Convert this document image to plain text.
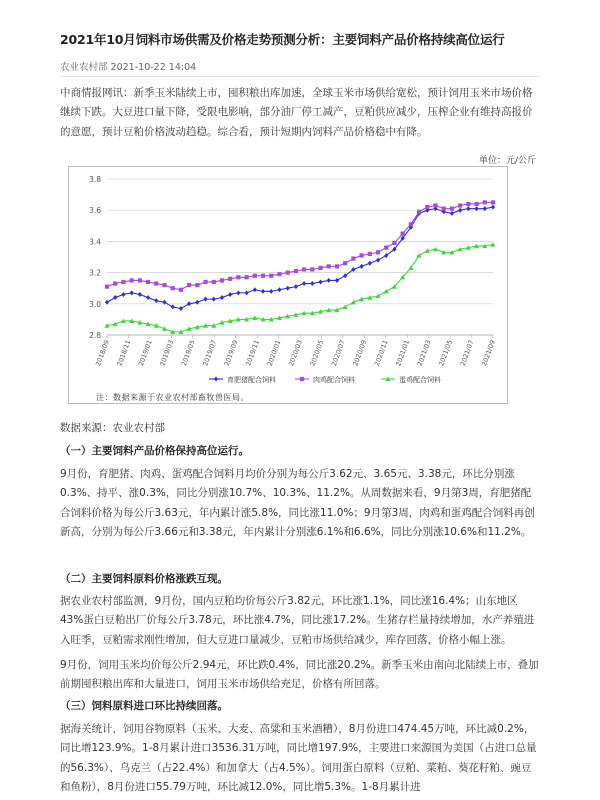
2021年10月饲料市场供需及价格走势预测分析：主要饲料产品价格持续高位运行
农业农村部 2021-10-22 14:04

中商情报网讯：新季玉米陆续上市，囤积粮出库加速，全球玉米市场供给宽松，预计饲用玉米市场价格继续下跌。大豆进口量下降，受限电影响，部分油厂停工减产，豆粕供应减少，压榨企业有维持高报价的意愿，预计豆粕价格波动趋稳。综合看，预计短期内饲料产品价格稳中有降。

单位：元/公斤
2.8
3.0
3.2
3.4
3.6
3.8
2018/09 2018/11 2019/01 2019/03 2019/05 2019/07 2019/09 2019/11 2020/01 2020/03 2020/05 2020/07 2020/09 2020/11 2021/01 2021/03 2021/05 2021/07 2021/09
育肥猪配合饲料	肉鸡配合饲料	蛋鸡配合饲料
注：数据来源于农业农村部畜牧兽医局。
数据来源：农业农村部
（一）主要饲料产品价格保持高位运行。

9月份，育肥猪、肉鸡、蛋鸡配合饲料月均价分别为每公斤3.62元、3.65元、3.38元，环比分别涨0.3%、持平、涨0.3%，同比分别涨10.7%、10.3%、11.2%。从周数据来看，9月第3周，育肥猪配合饲料价格为每公斤3.63元，年内累计涨5.8%，同比涨11.0%；9月第3周，肉鸡和蛋鸡配合饲料再创新高，分别为每公斤3.66元和3.38元，年内累计分别涨6.1%和6.6%，同比分别涨10.6%和11.2%。

（二）主要饲料原料价格涨跌互现。

据农业农村部监测，9月份，国内豆粕均价每公斤3.82元，环比涨1.1%，同比涨16.4%；山东地区43%蛋白豆粕出厂价每公斤3.78元，环比涨4.7%，同比涨17.2%。生猪存栏量持续增加，水产养殖进入旺季，豆粕需求刚性增加，但大豆进口量减少，豆粕市场供给减少，库存回落，价格小幅上涨。

9月份，饲用玉米均价每公斤2.94元，环比跌0.4%，同比涨20.2%。新季玉米由南向北陆续上市，叠加前期囤积粮出库和大量进口，饲用玉米市场供给充足，价格有所回落。

（三）饲料原料进口环比持续回落。

据海关统计，饲用谷物原料（玉米、大麦、高粱和玉米酒糟），8月份进口474.45万吨，环比减0.2%，同比增123.9%。1-8月累计进口3536.31万吨，同比增197.9%，主要进口来源国为美国（占进口总量的56.3%）、乌克兰（占22.4%）和加拿大（占4.5%）。饲用蛋白原料（豆粕、菜粕、葵花籽粕、豌豆和鱼粉），8月份进口55.79万吨，环比减12.0%，同比增5.3%。1-8月累计进
